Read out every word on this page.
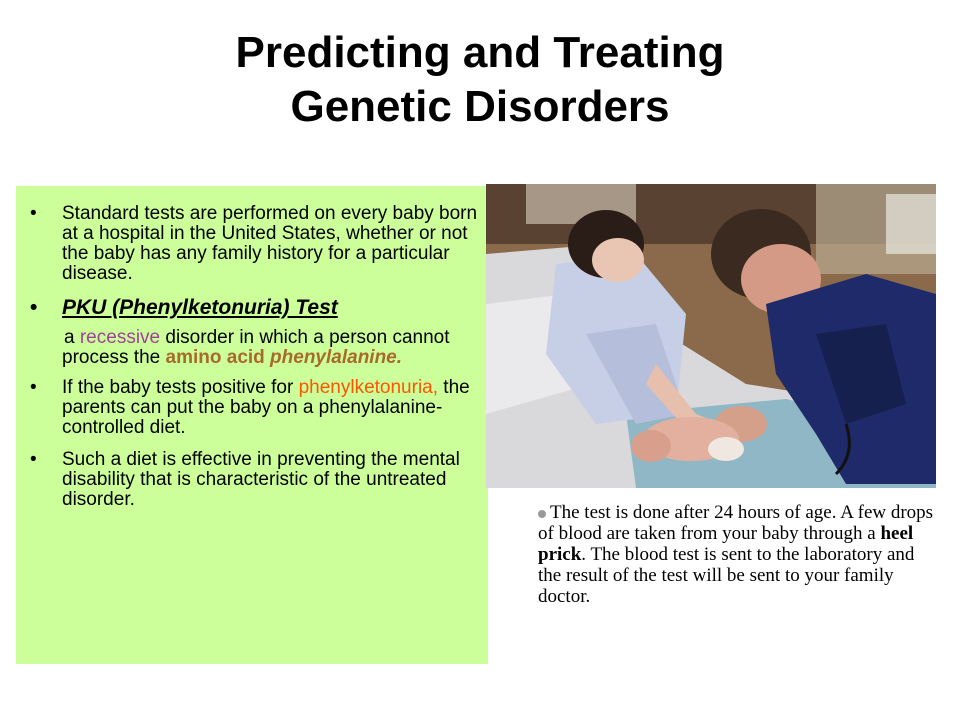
Predicting and Treating
Genetic Disorders
• Standard tests are performed on every baby born at a hospital in the United States, whether or not the baby has any family history for a particular disease.
• PKU (Phenylketonuria) Test
a recessive disorder in which a person cannot process the amino acid phenylalanine.
• If the baby tests positive for phenylketonuria, the parents can put the baby on a phenylalanine-controlled diet.
• Such a diet is effective in preventing the mental disability that is characteristic of the untreated disorder.
The test is done after 24 hours of age. A few drops of blood are taken from your baby through a heel prick. The blood test is sent to the laboratory and the result of the test will be sent to your family doctor.
